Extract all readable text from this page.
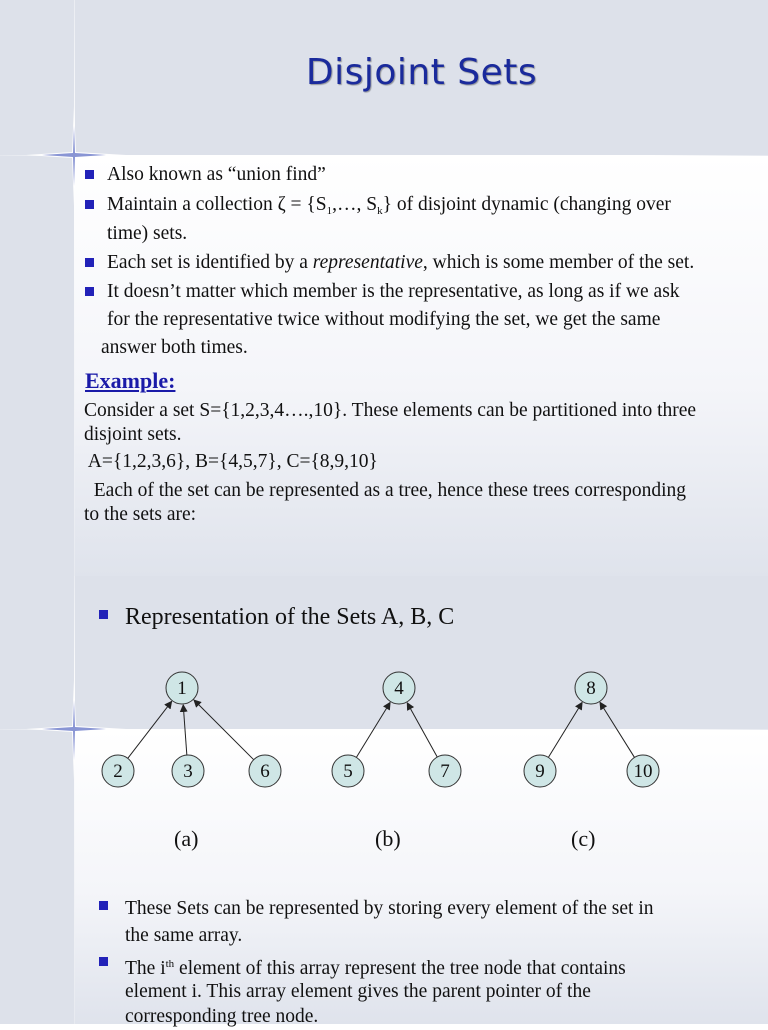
Disjoint Sets
Also known as “union find”
Maintain a collection $\zeta = \{S_1,\dots$, $S_k$} of disjoint dynamic (changing over
time) sets.
Each set is identified by a representative, which is some member of the set.
It doesn’t matter which member is the representative, as long as if we ask
for the representative twice without modifying the set, we get the same
answer both times.
Example:
Consider a set S={1,2,3,4….,10}. These elements can be partitioned into three
disjoint sets.
A={1,2,3,6}, B={4,5,7}, C={8,9,10}
Each of the set can be represented as a tree, hence these trees corresponding
to the sets are:
Representation of the Sets A, B, C
2	3	6
1
5	7
4
9	10
8
(a)	(b)	(c)
These Sets can be represented by storing every element of the set in
the same array.
The $i^{th}$ element of this array represent the tree node that contains
element i. This array element gives the parent pointer of the
corresponding tree node.
